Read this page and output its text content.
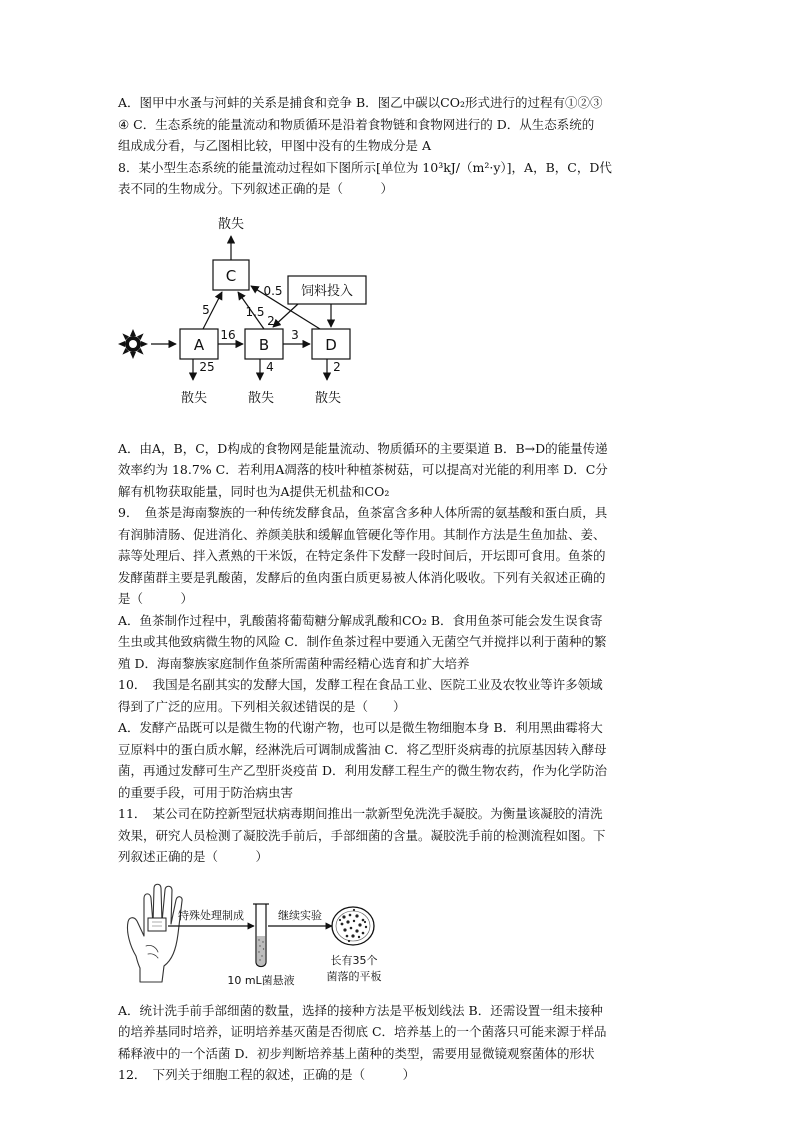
A．图甲中水蚤与河蚌的关系是捕食和竞争 B．图乙中碳以CO₂形式进行的过程有①②③

④ C．生态系统的能量流动和物质循环是沿着食物链和食物网进行的 D．从生态系统的

组成成分看，与乙图相比较，甲图中没有的生物成分是 A

8．某小型生态系统的能量流动过程如下图所示[单位为 10³kJ/（m²·y）]，A，B，C，D代

表不同的生物成分。下列叙述正确的是（　　　）

C
散失
A	B	D
饲料投入
16	3
5	1.5
0.5
2
25
散失
4
散失
2
散失

A．由A，B，C，D构成的食物网是能量流动、物质循环的主要渠道 B．B→D的能量传递

效率约为 18.7% C．若利用A凋落的枝叶种植茶树菇，可以提高对光能的利用率 D．C分

解有机物获取能量，同时也为A提供无机盐和CO₂

9．　鱼茶是海南黎族的一种传统发酵食品，鱼茶富含多种人体所需的氨基酸和蛋白质，具

有润肺清肠、促进消化、养颜美肤和缓解血管硬化等作用。其制作方法是生鱼加盐、姜、

蒜等处理后、拌入煮熟的干米饭，在特定条件下发酵一段时间后，开坛即可食用。鱼茶的

发酵菌群主要是乳酸菌，发酵后的鱼肉蛋白质更易被人体消化吸收。下列有关叙述正确的

是（　　　）

A．鱼茶制作过程中，乳酸菌将葡萄糖分解成乳酸和CO₂ B．食用鱼茶可能会发生误食寄

生虫或其他致病微生物的风险 C．制作鱼茶过程中要通入无菌空气并搅拌以利于菌种的繁

殖 D．海南黎族家庭制作鱼茶所需菌种需经精心选育和扩大培养

10．　我国是名副其实的发酵大国，发酵工程在食品工业、医院工业及农牧业等许多领域

得到了广泛的应用。下列相关叙述错误的是（　　）

A．发酵产品既可以是微生物的代谢产物，也可以是微生物细胞本身 B．利用黑曲霉将大

豆原料中的蛋白质水解，经淋洗后可调制成酱油 C．将乙型肝炎病毒的抗原基因转入酵母

菌，再通过发酵可生产乙型肝炎疫苗 D．利用发酵工程生产的微生物农药，作为化学防治

的重要手段，可用于防治病虫害

11．　某公司在防控新型冠状病毒期间推出一款新型免洗洗手凝胶。为衡量该凝胶的清洗

效果，研究人员检测了凝胶洗手前后，手部细菌的含量。凝胶洗手前的检测流程如图。下

列叙述正确的是（　　　）

特殊处理制成
10 mL菌悬液
继续实验
长有35个
菌落的平板

A．统计洗手前手部细菌的数量，选择的接种方法是平板划线法 B．还需设置一组未接种

的培养基同时培养，证明培养基灭菌是否彻底 C．培养基上的一个菌落只可能来源于样品

稀释液中的一个活菌 D．初步判断培养基上菌种的类型，需要用显微镜观察菌体的形状

12．　下列关于细胞工程的叙述，正确的是（　　　）
